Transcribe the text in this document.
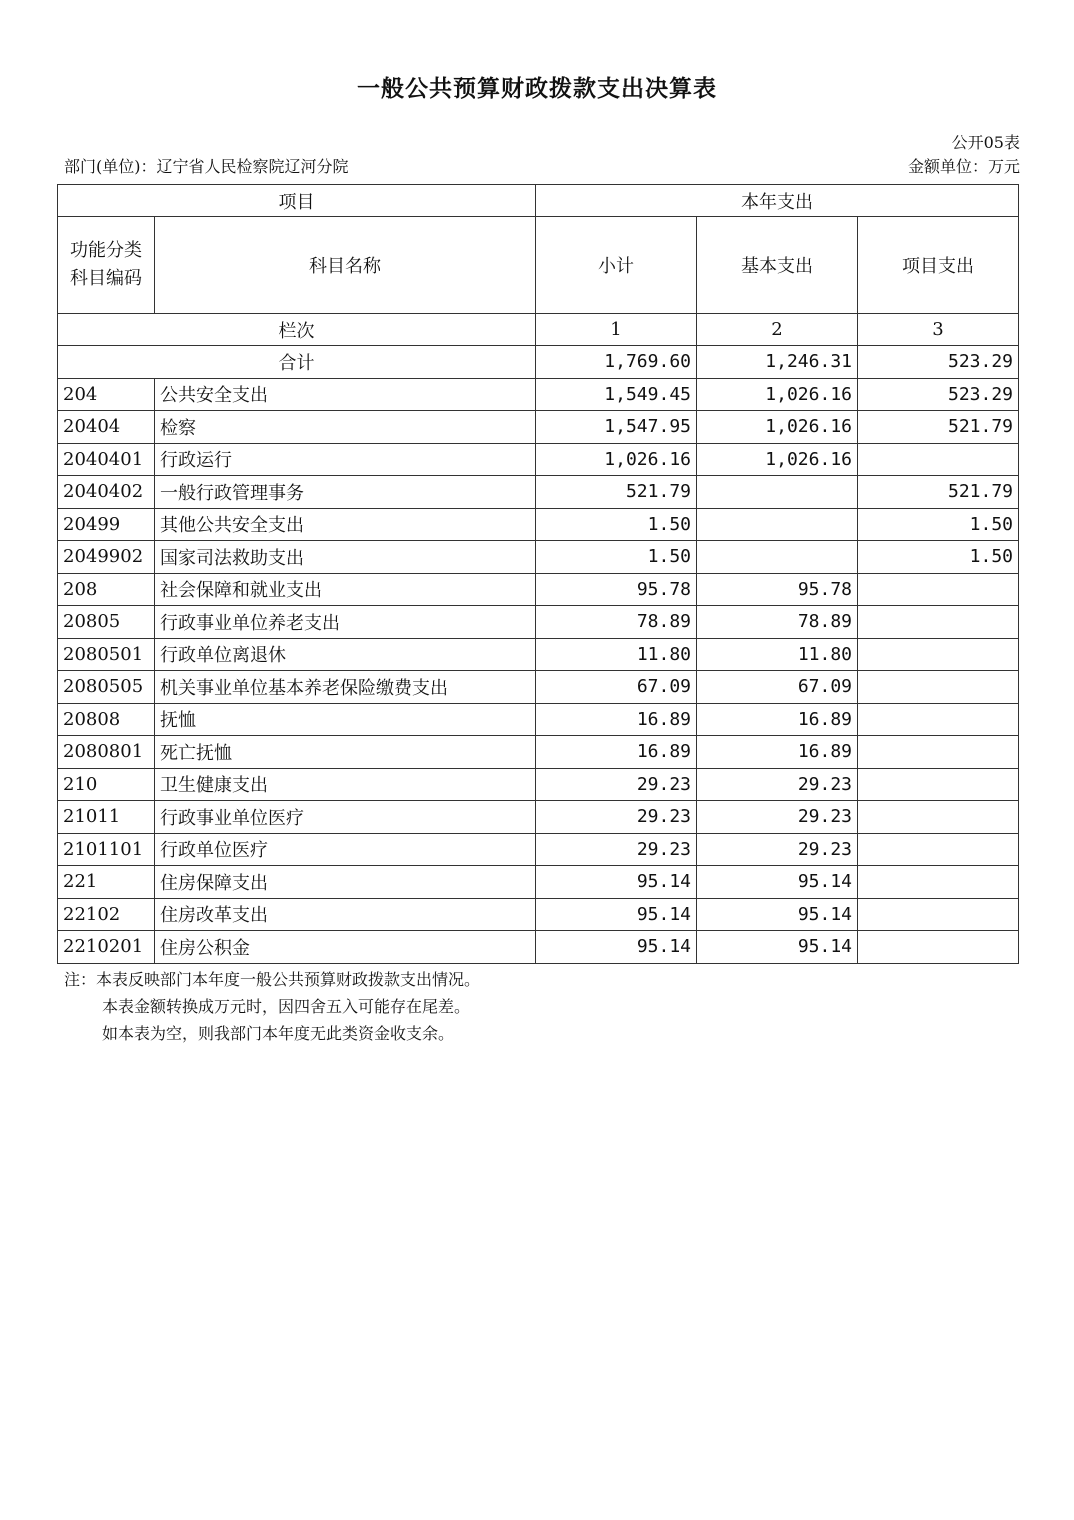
一般公共预算财政拨款支出决算表
公开05表
部门(单位)：辽宁省人民检察院辽河分院	金额单位：万元
项目		本年支出		

功能分类科目编码	科目名称	小计	基本支出	项目支出
栏次		1	2	3
合计		1,769.60	1,246.31	523.29
204	公共安全支出	1,549.45	1,026.16	523.29
20404	检察	1,547.95	1,026.16	521.79
2040401	行政运行	1,026.16	1,026.16	
2040402	一般行政管理事务	521.79		521.79
20499	其他公共安全支出	1.50		1.50
2049902	国家司法救助支出	1.50		1.50
208	社会保障和就业支出	95.78	95.78	
20805	行政事业单位养老支出	78.89	78.89	
2080501	行政单位离退休	11.80	11.80	
2080505	机关事业单位基本养老保险缴费支出	67.09	67.09	
20808	抚恤	16.89	16.89	
2080801	死亡抚恤	16.89	16.89	
210	卫生健康支出	29.23	29.23	
21011	行政事业单位医疗	29.23	29.23	
2101101	行政单位医疗	29.23	29.23	
221	住房保障支出	95.14	95.14	
22102	住房改革支出	95.14	95.14	
2210201	住房公积金	95.14	95.14	
注：本表反映部门本年度一般公共预算财政拨款支出情况。
本表金额转换成万元时，因四舍五入可能存在尾差。
如本表为空，则我部门本年度无此类资金收支余。
